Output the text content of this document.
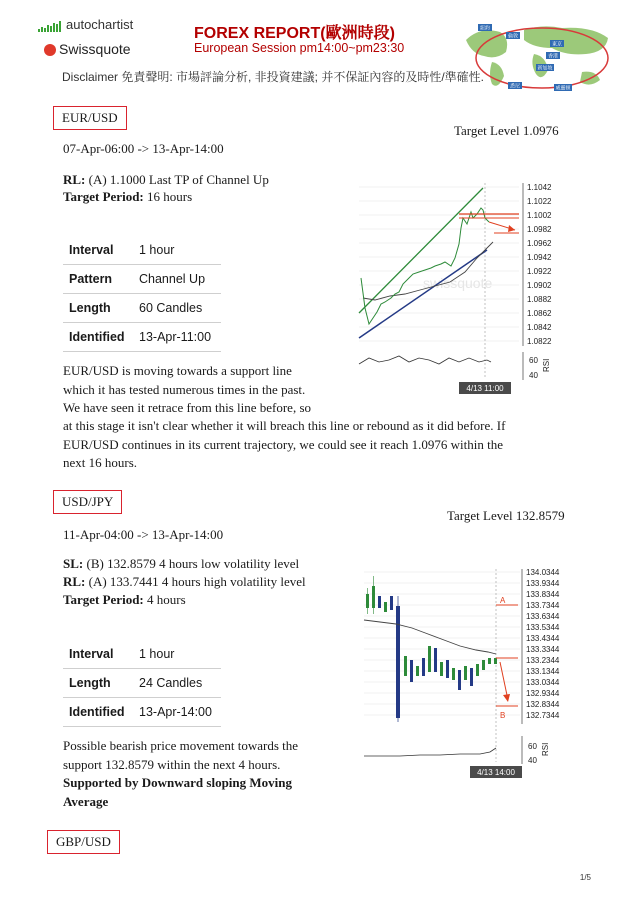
autochartist
Swissquote
FOREX REPORT(歐洲時段)
European Session pm14:00~pm23:30
紐約
倫敦
東京
香港
新加坡
悉尼	威靈頓
Disclaimer 免責聲明: 市場評論分析, 非投資建議; 并不保証內容的及時性/準確性.
EUR/USD
Target Level 1.0976
07-Apr-06:00 -> 13-Apr-14:00
RL: (A) 1.1000 Last TP of Channel Up
Target Period: 16 hours
Interval	1 hour
Pattern	Channel Up
Length	60 Candles
Identified	13-Apr-11:00
EUR/USD is moving towards a support line
which it has tested numerous times in the past.
We have seen it retrace from this line before, so
at this stage it isn't clear whether it will breach this line or rebound as it did before. If
EUR/USD continues in its current trajectory, we could see it reach 1.0976 within the
next 16 hours.
swissquote
1.1042
1.1022
1.1002
1.0982
1.0962
1.0942
1.0922
1.0902
1.0882
1.0862
1.0842
1.0822
60
40
RSI
4/13 11:00
USD/JPY
Target Level 132.8579
11-Apr-04:00 -> 13-Apr-14:00
SL: (B) 132.8579 4 hours low volatility level
RL: (A) 133.7441 4 hours high volatility level
Target Period: 4 hours
Interval	1 hour
Length	24 Candles
Identified	13-Apr-14:00
Possible bearish price movement towards the
support 132.8579 within the next 4 hours.
Supported by Downward sloping Moving
Average
A
B
134.0344
133.9344
133.8344
133.7344
133.6344
133.5344
133.4344
133.3344
133.2344
133.1344
133.0344
132.9344
132.8344
132.7344
60
40
RSI
4/13 14:00
GBP/USD
1/5
